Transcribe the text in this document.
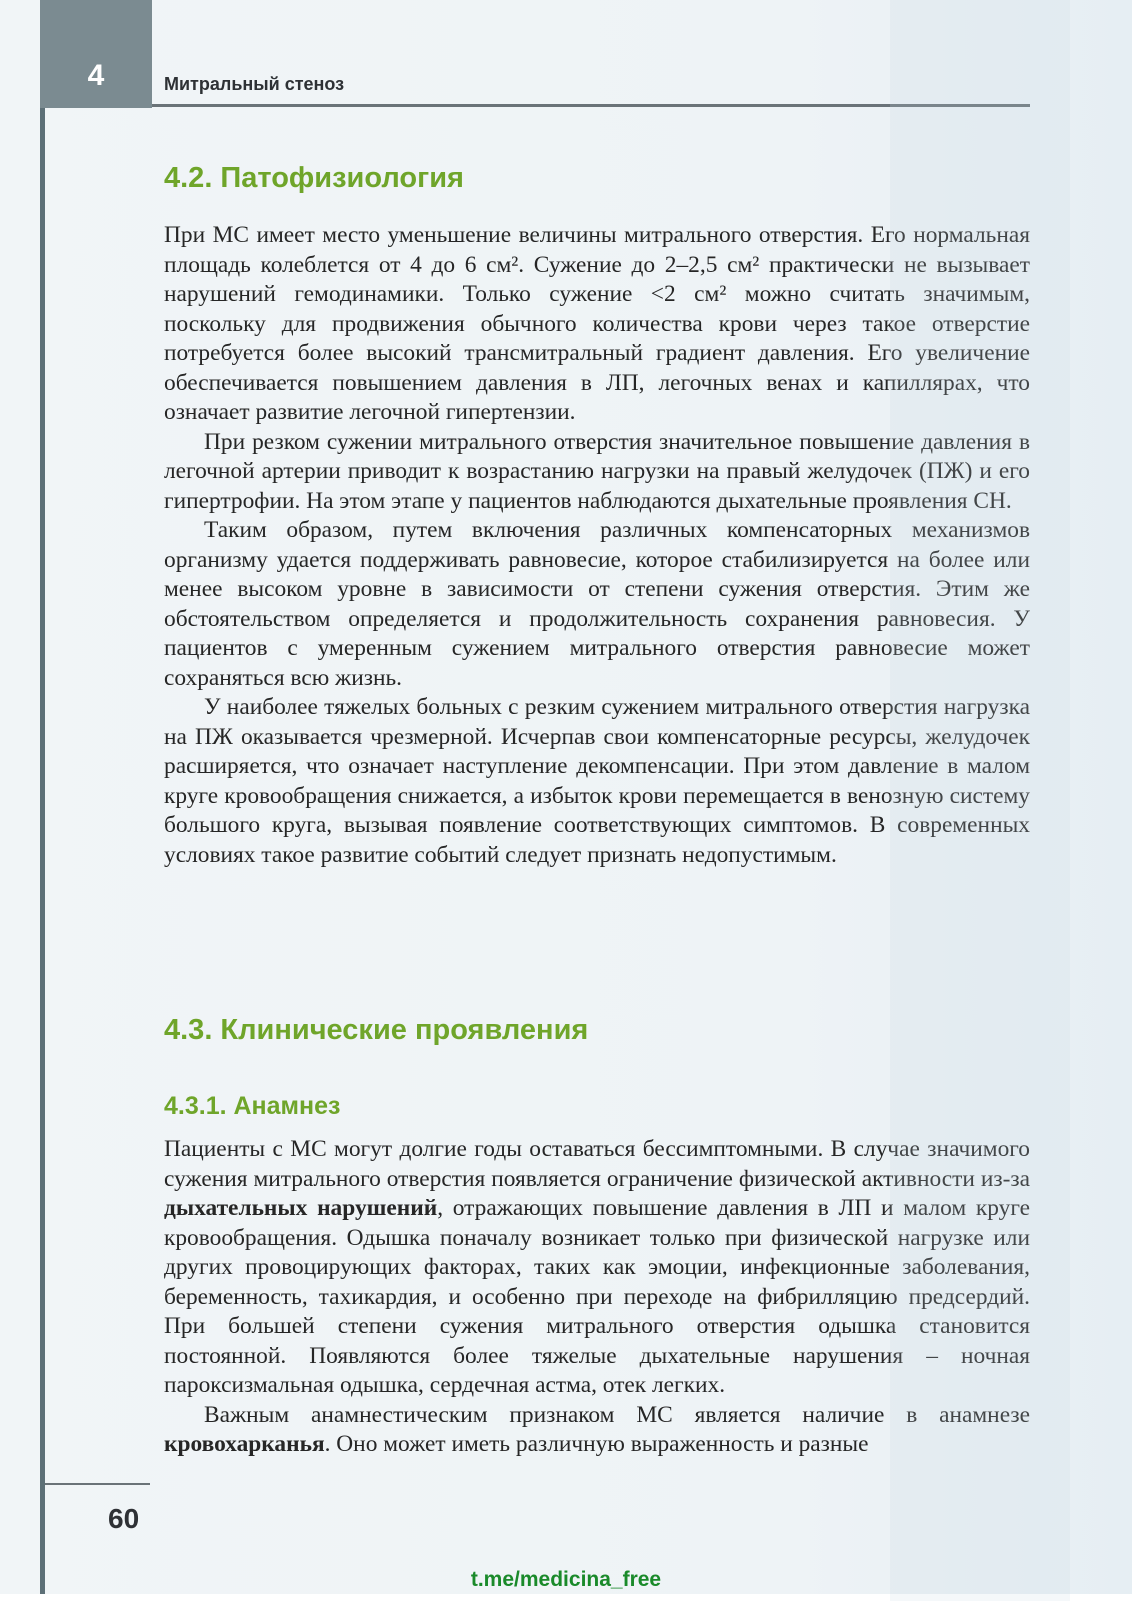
4	Митральный стеноз
4.2. Патофизиология

При МС имеет место уменьшение величины митрального отверстия. Его нормальная площадь колеблется от 4 до 6 см². Сужение до 2–2,5 см² практически не вызывает нарушений гемодинамики. Только сужение <2 см² можно считать значимым, поскольку для продвижения обычного количества крови через такое отверстие потребуется более высокий трансмитральный градиент давления. Его увеличение обеспечивается повышением давления в ЛП, легочных венах и капиллярах, что означает развитие легочной гипертензии.

При резком сужении митрального отверстия значительное повышение давления в легочной артерии приводит к возрастанию нагрузки на правый желудочек (ПЖ) и его гипертрофии. На этом этапе у пациентов наблюдаются дыхательные проявления СН.

Таким образом, путем включения различных компенсаторных механизмов организму удается поддерживать равновесие, которое стабилизируется на более или менее высоком уровне в зависимости от степени сужения отверстия. Этим же обстоятельством определяется и продолжительность сохранения равновесия. У пациентов с умеренным сужением митрального отверстия равновесие может сохраняться всю жизнь.

У наиболее тяжелых больных с резким сужением митрального отверстия нагрузка на ПЖ оказывается чрезмерной. Исчерпав свои компенсаторные ресурсы, желудочек расширяется, что означает наступление декомпенсации. При этом давление в малом круге кровообращения снижается, а избыток крови перемещается в венозную систему большого круга, вызывая появление соответствующих симптомов. В современных условиях такое развитие событий следует признать недопустимым.

4.3. Клинические проявления
4.3.1. Анамнез

Пациенты с МС могут долгие годы оставаться бессимптомными. В случае значимого сужения митрального отверстия появляется ограничение физической активности из-за дыхательных нарушений, отражающих повышение давления в ЛП и малом круге кровообращения. Одышка поначалу возникает только при физической нагрузке или других провоцирующих факторах, таких как эмоции, инфекционные заболевания, беременность, тахикардия, и особенно при переходе на фибрилляцию предсердий. При большей степени сужения митрального отверстия одышка становится постоянной. Появляются более тяжелые дыхательные нарушения – ночная пароксизмальная одышка, сердечная астма, отек легких.

Важным анамнестическим признаком МС является наличие в анамнезе кровохарканья. Оно может иметь различную выраженность и разные

60
t.me/medicina_free
